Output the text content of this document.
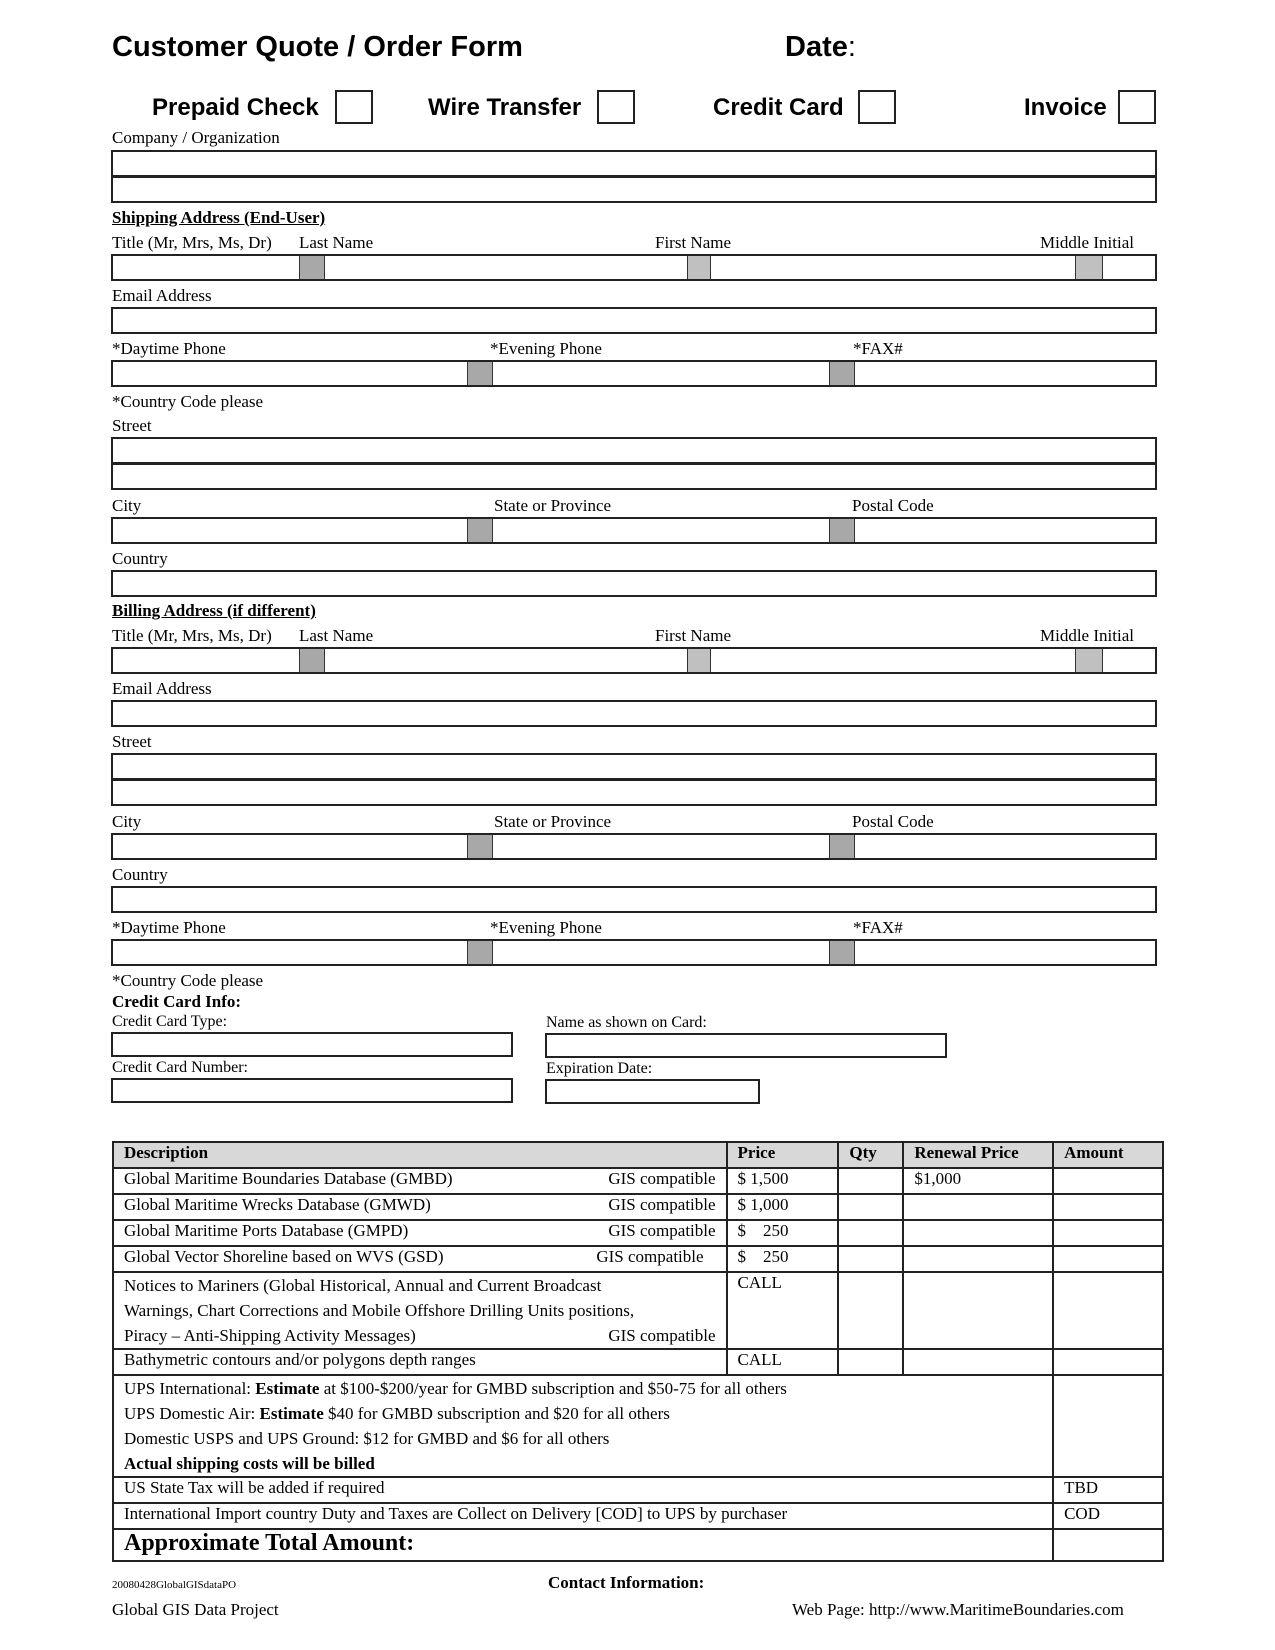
Customer Quote / Order Form	Date:
Prepaid Check	Wire Transfer	Credit Card	Invoice
Company / Organization
Shipping Address (End-User)
Title (Mr, Mrs, Ms, Dr) Last Name	First Name	Middle Initial
Email Address
*Daytime Phone	*Evening Phone	*FAX#
*Country Code please
Street
City	State or Province	Postal Code
Country
Billing Address (if different)
Title (Mr, Mrs, Ms, Dr) Last Name	First Name	Middle Initial
Email Address
Street
City	State or Province	Postal Code
Country
*Daytime Phone	*Evening Phone	*FAX#
*Country Code please
Credit Card Info:
Credit Card Type:	Name as shown on Card:
Credit Card Number:	Expiration Date:
Description	Price	Qty	Renewal Price	Amount

Global Maritime Boundaries Database (GMBD) GIS compatible	$ 1,500		$1,000	

Global Maritime Wrecks Database (GMWD) GIS compatible	$ 1,000			

Global Maritime Ports Database (GMPD) GIS compatible	$    250			

Global Vector Shoreline based on WVS (GSD) GIS compatible	$    250			

Notices to Mariners (Global Historical, Annual and Current Broadcast
Warnings, Chart Corrections and Mobile Offshore Drilling Units positions,
Piracy – Anti-Shipping Activity Messages) GIS compatible	CALL			
Bathymetric contours and/or polygons depth ranges	CALL			

UPS International: Estimate at $100-$200/year for GMBD subscription and $50-75 for all others
UPS Domestic Air: Estimate $40 for GMBD subscription and $20 for all others
Domestic USPS and UPS Ground: $12 for GMBD and $6 for all others
Actual shipping costs will be billed				

US State Tax will be added if required				TBD
International Import country Duty and Taxes are Collect on Delivery [COD] to UPS by purchaser				COD
Approximate Total Amount:				
20080428GlobalGISdataPO	Contact Information:
Global GIS Data Project	Web Page: http://www.MaritimeBoundaries.com
